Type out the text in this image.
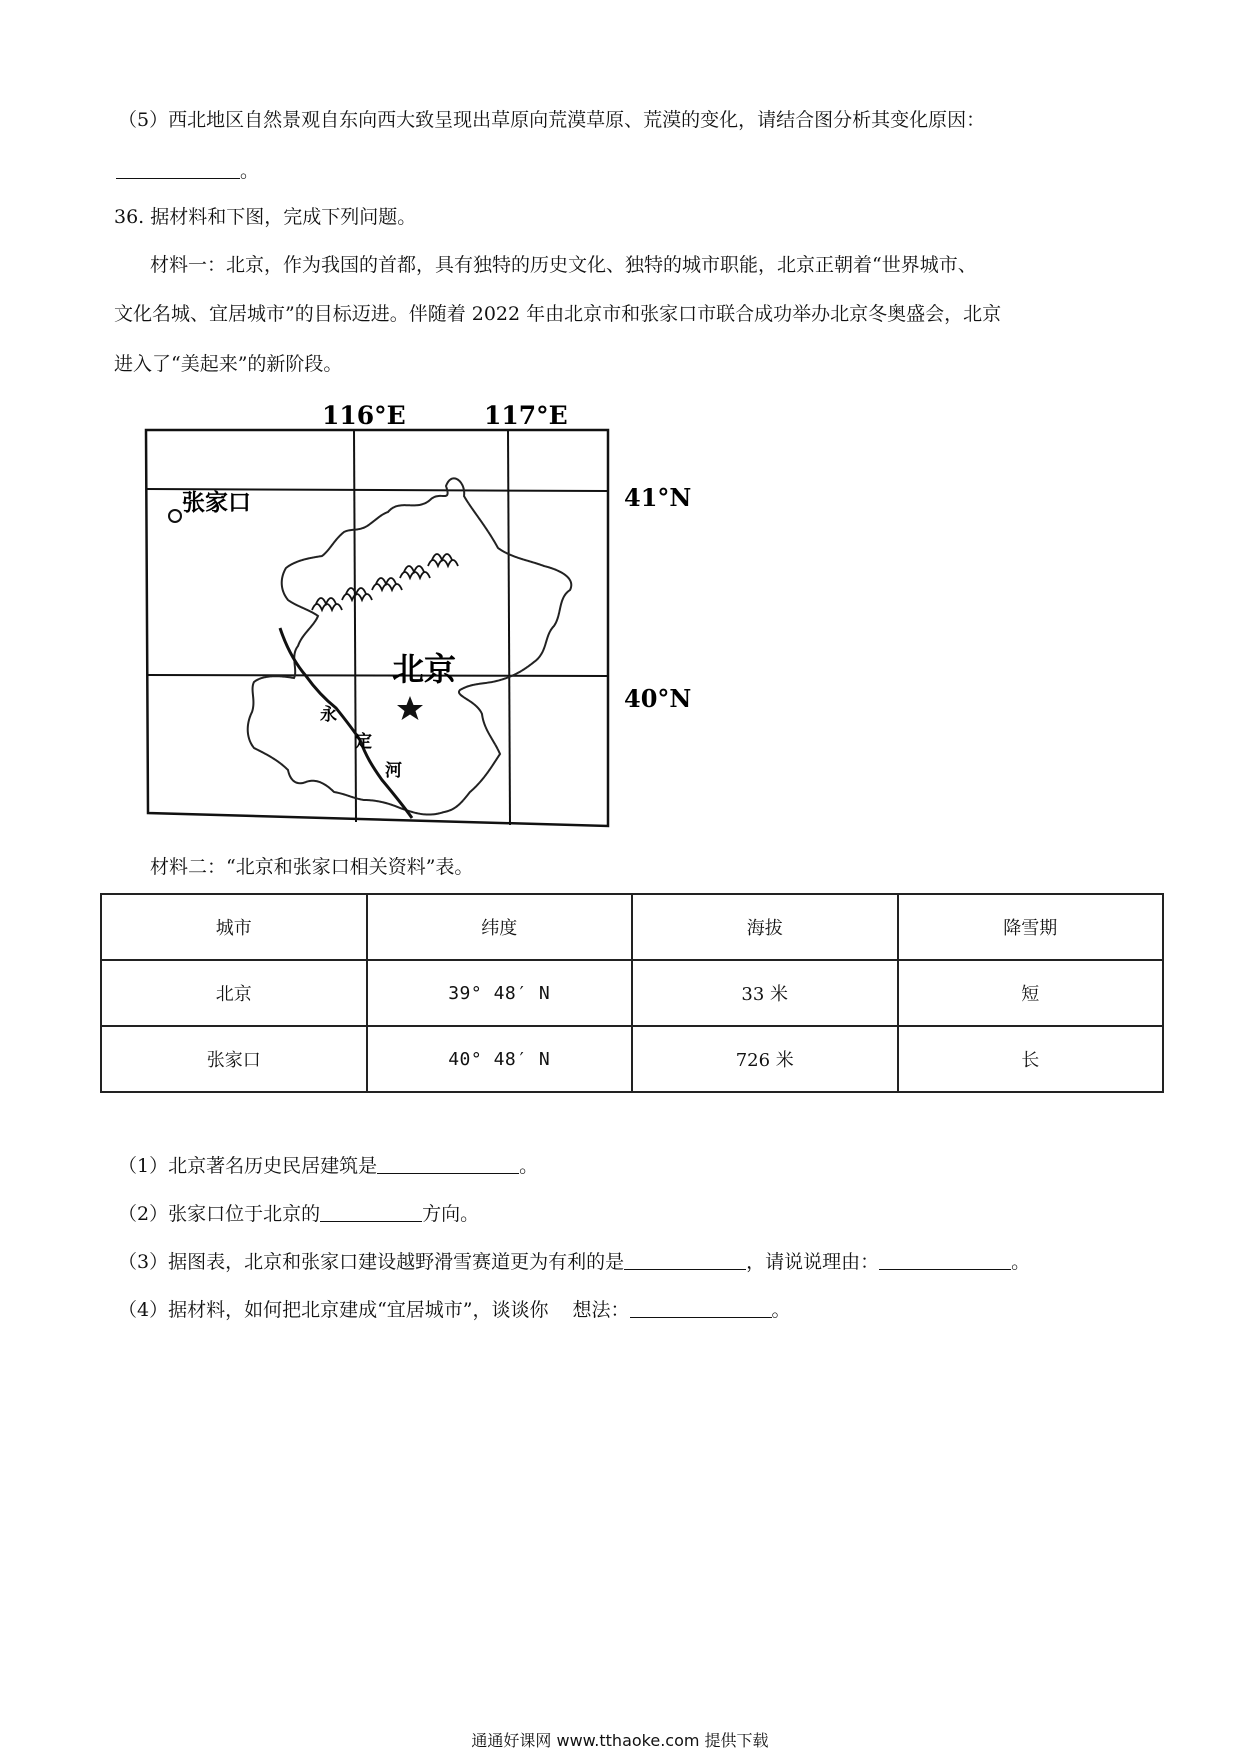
（5）西北地区自然景观自东向西大致呈现出草原向荒漠草原、荒漠的变化，请结合图分析其变化原因：
。
36. 据材料和下图，完成下列问题。
材料一：北京，作为我国的首都，具有独特的历史文化、独特的城市职能，北京正朝着“世界城市、
文化名城、宜居城市”的目标迈进。伴随着 2022 年由北京市和张家口市联合成功举办北京冬奥盛会，北京
进入了“美起来”的新阶段。
116°E	117°E
41°N
40°N
张家口
北京
永
定
河
材料二：“北京和张家口相关资料”表。
城市	纬度	海拔	降雪期
北京	39° 48′ N	33 米	短
张家口	40° 48′ N	726 米	长
（1）北京著名历史民居建筑是	。
（2）张家口位于北京的	方向。
（3）据图表，北京和张家口建设越野滑雪赛道更为有利的是	，请说说理由：	。
（4）据材料，如何把北京建成“宜居城市”，谈谈你 想法：	。
通通好课网 www.tthaoke.com 提供下载
